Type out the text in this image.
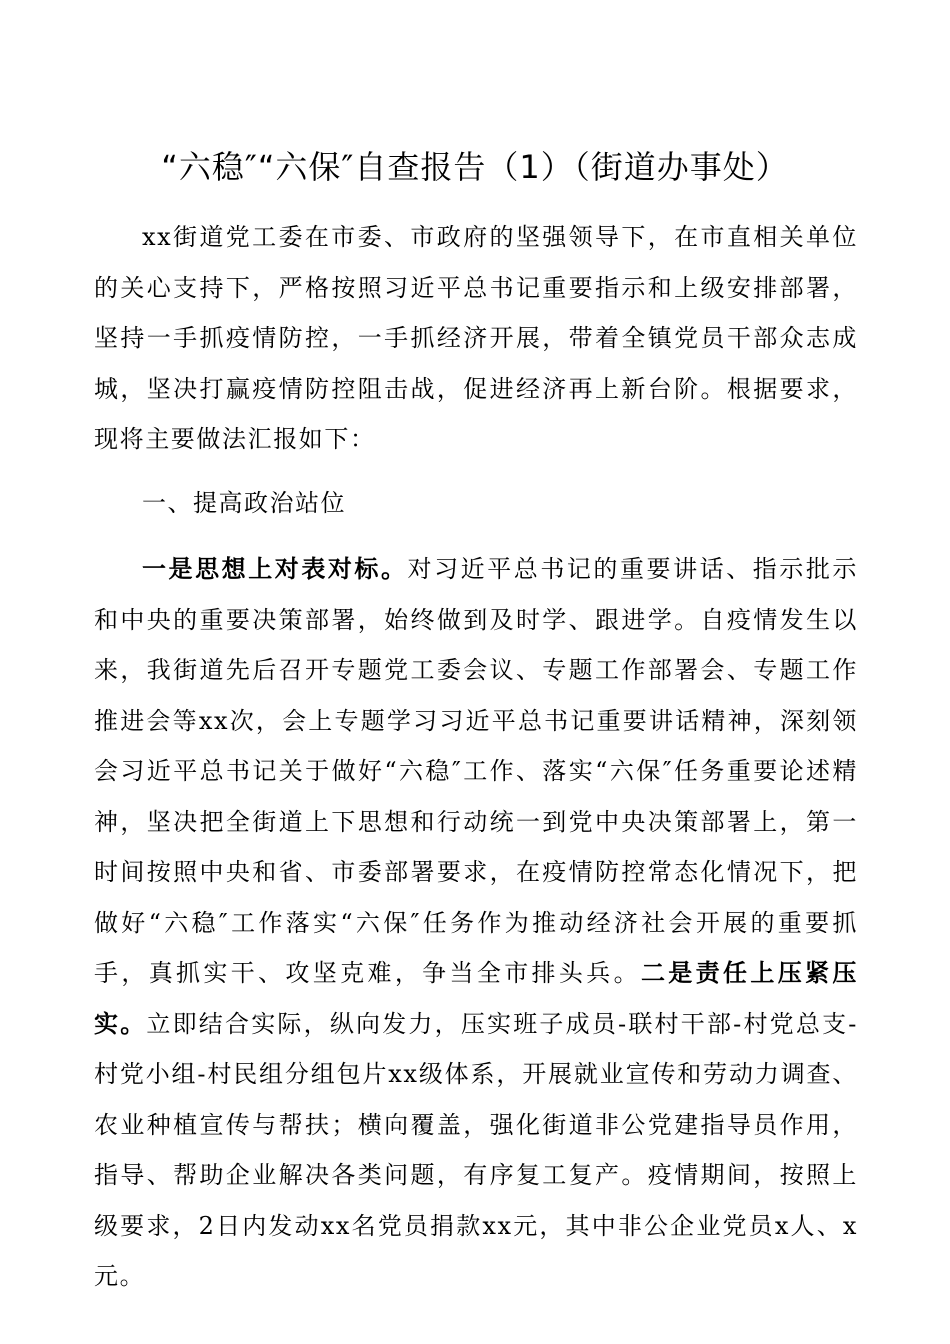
“六稳″“六保″自查报告（1）（街道办事处）

xx街道党工委在市委、市政府的坚强领导下，在市直相关单位的关心支持下，严格按照习近平总书记重要指示和上级安排部署，坚持一手抓疫情防控，一手抓经济开展，带着全镇党员干部众志成城，坚决打赢疫情防控阻击战，促进经济再上新台阶。根据要求，现将主要做法汇报如下：

一、提高政治站位

一是思想上对表对标。对习近平总书记的重要讲话、指示批示和中央的重要决策部署，始终做到及时学、跟进学。自疫情发生以来，我街道先后召开专题党工委会议、专题工作部署会、专题工作推进会等xx次，会上专题学习习近平总书记重要讲话精神，深刻领会习近平总书记关于做好“六稳″工作、落实“六保″任务重要论述精神，坚决把全街道上下思想和行动统一到党中央决策部署上，第一时间按照中央和省、市委部署要求，在疫情防控常态化情况下，把做好“六稳″工作落实“六保″任务作为推动经济社会开展的重要抓手，真抓实干、攻坚克难，争当全市排头兵。二是责任上压紧压实。立即结合实际，纵向发力，压实班子成员-联村干部-村党总支-村党小组-村民组分组包片xx级体系，开展就业宣传和劳动力调查、农业种植宣传与帮扶；横向覆盖，强化街道非公党建指导员作用，指导、帮助企业解决各类问题，有序复工复产。疫情期间，按照上级要求，2日内发动xx名党员捐款xx元，其中非公企业党员x人、x元。
